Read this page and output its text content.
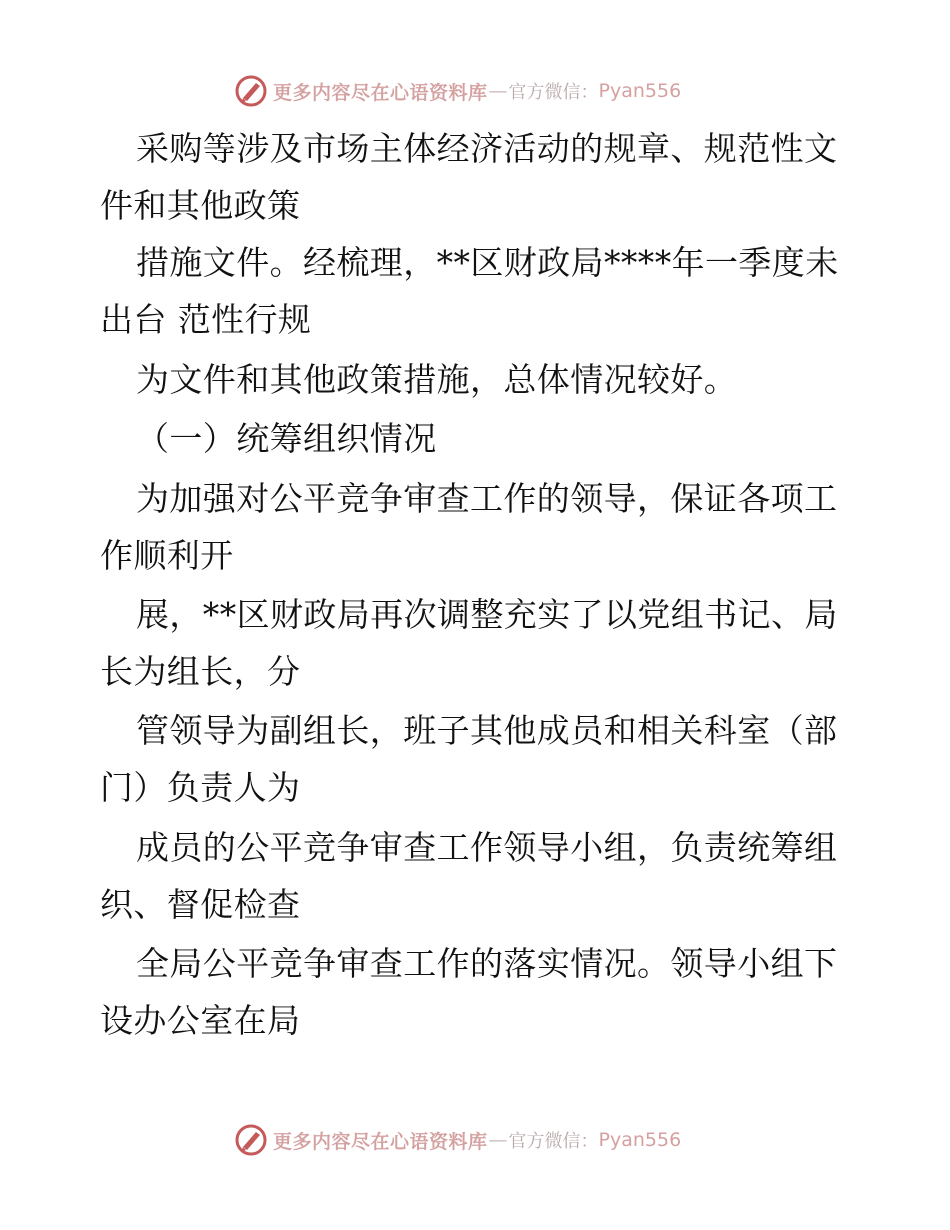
更多内容尽在心语资料库 — 官方微信： Pyan556

采购等涉及市场主体经济活动的规章、规范性文

件和其他政策

措施文件。经梳理，**区财政局****年一季度未

出台 范性行规

为文件和其他政策措施，总体情况较好。

（一）统筹组织情况

为加强对公平竞争审查工作的领导，保证各项工

作顺利开

展，**区财政局再次调整充实了以党组书记、局

长为组长，分

管领导为副组长，班子其他成员和相关科室（部

门）负责人为

成员的公平竞争审查工作领导小组，负责统筹组

织、督促检查

全局公平竞争审查工作的落实情况。领导小组下

设办公室在局

更多内容尽在心语资料库 — 官方微信： Pyan556
